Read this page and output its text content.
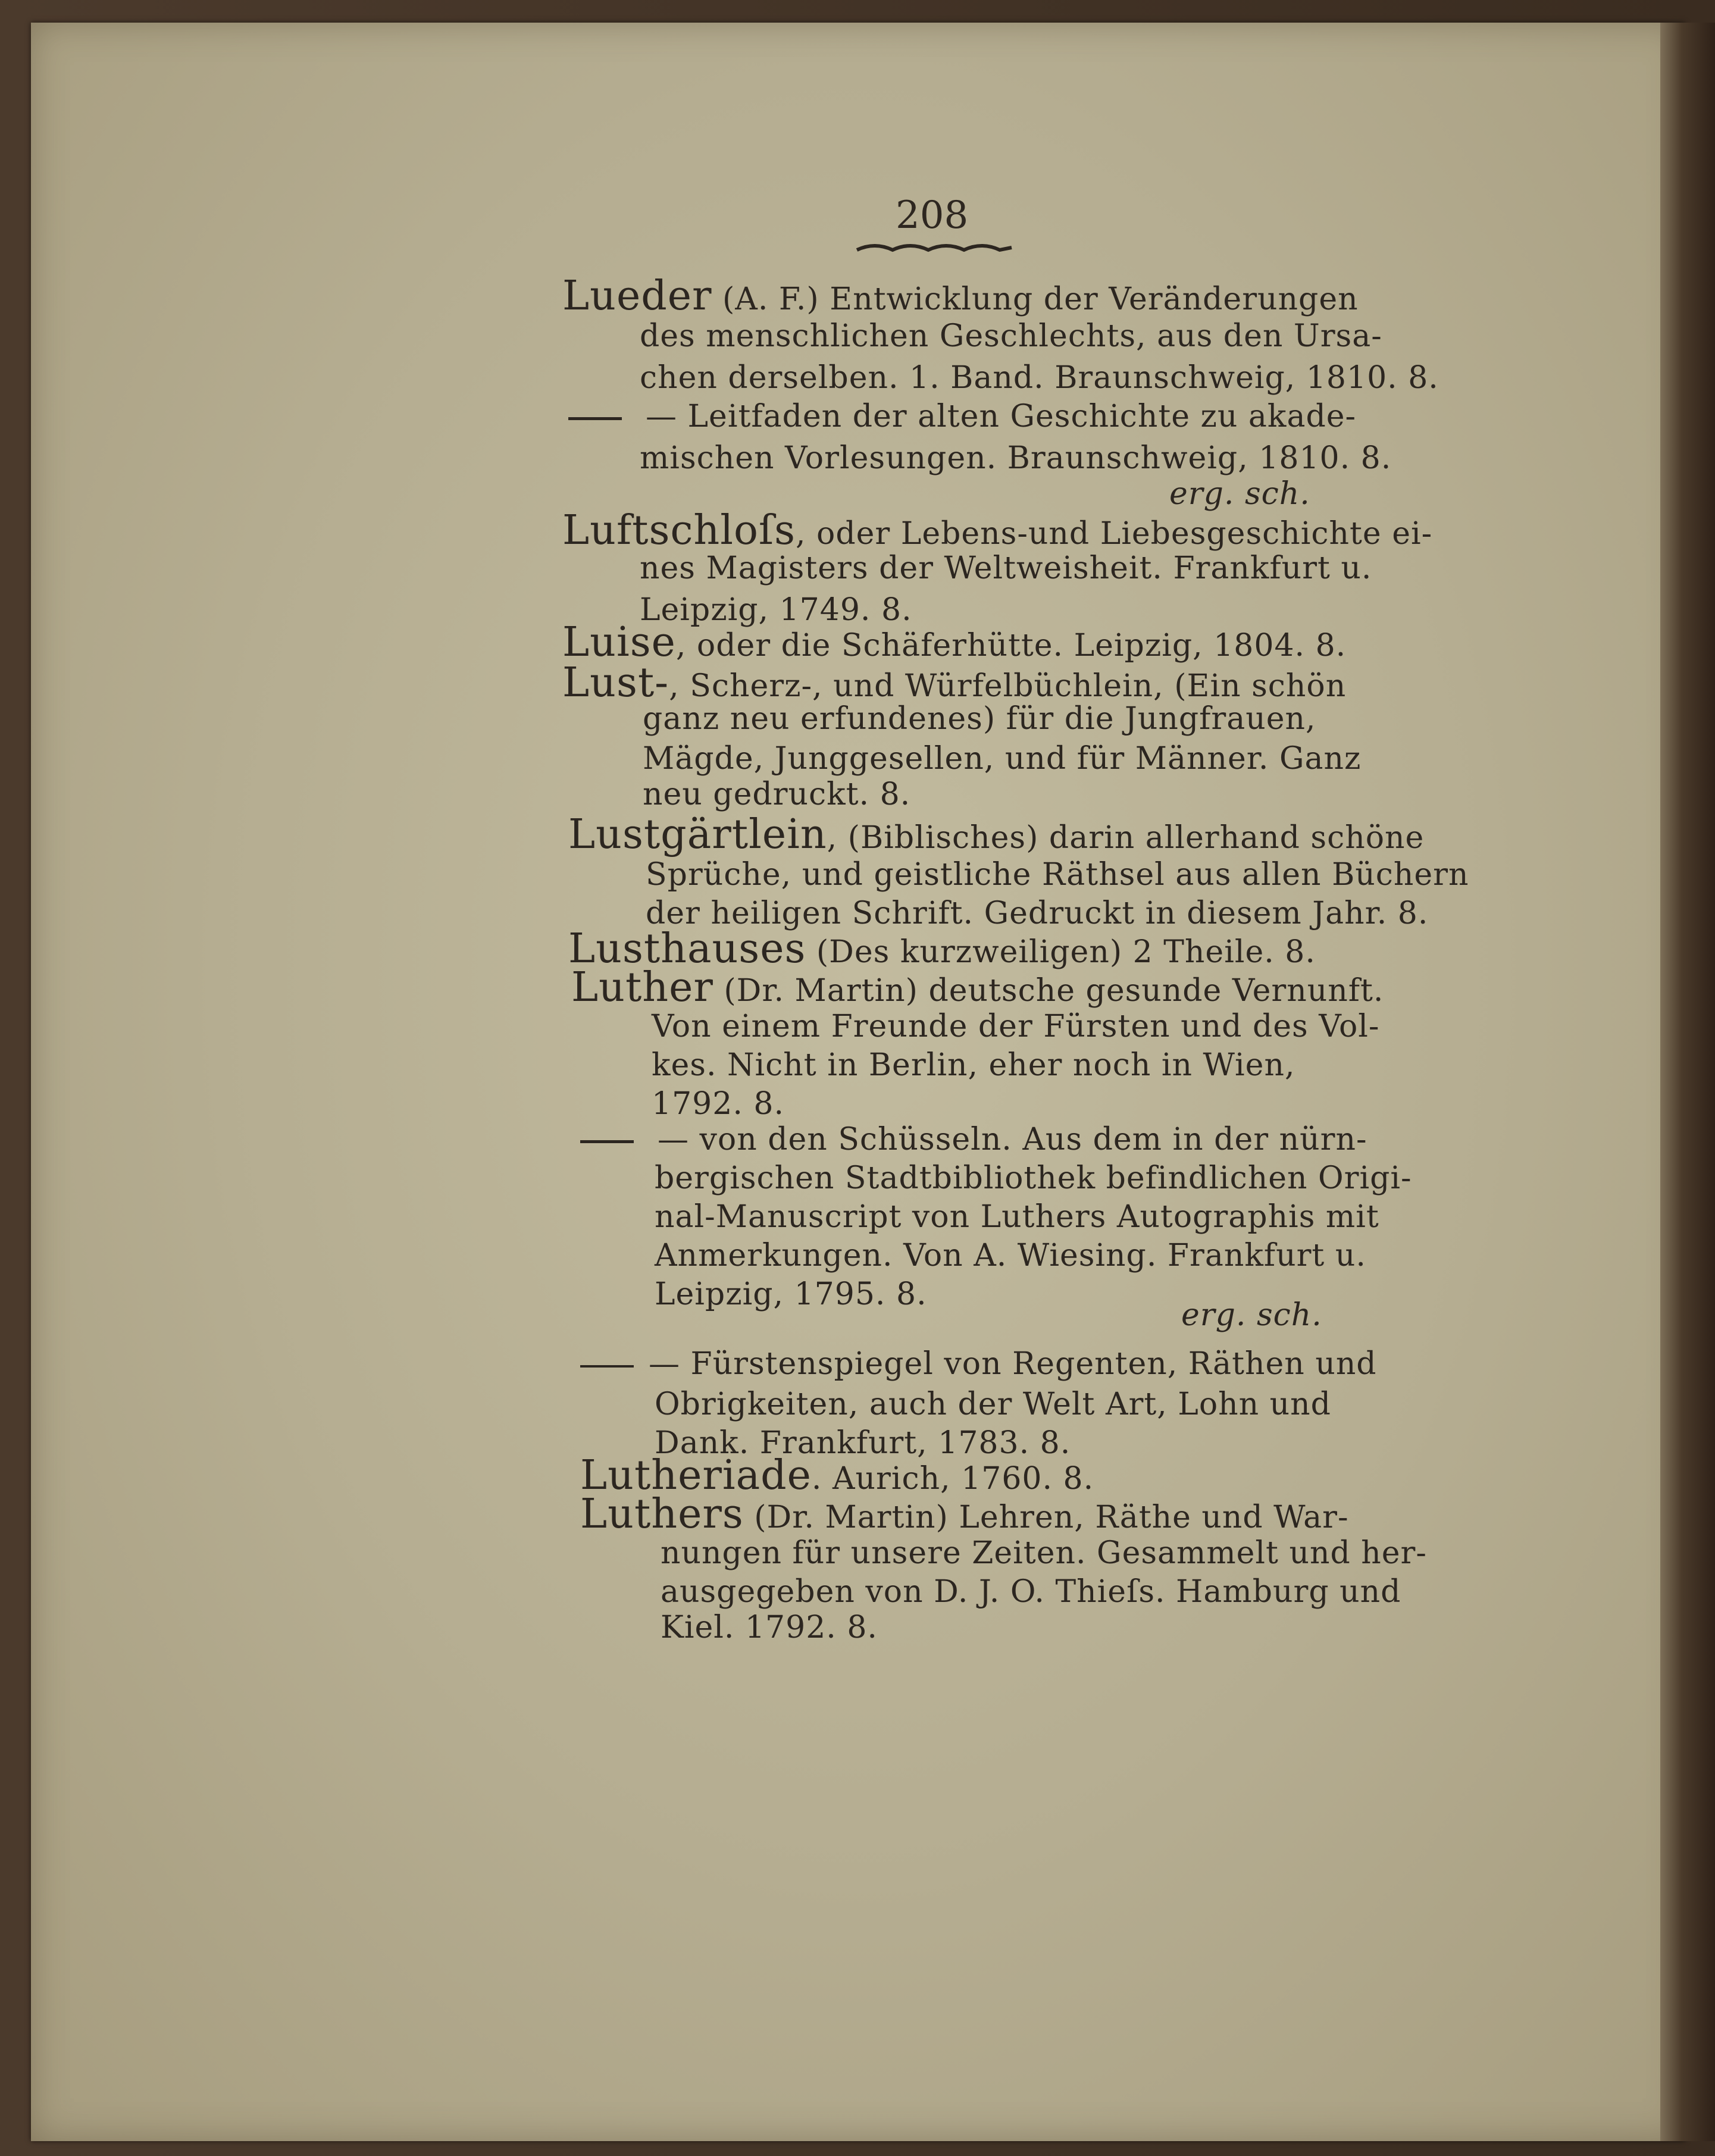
208
Lueder (A. F.) Entwicklung der Veränderungen
des menschlichen Geschlechts, aus den Ursa-
chen derselben. 1. Band. Braunschweig, 1810. 8.
— Leitfaden der alten Geschichte zu akade-
mischen Vorlesungen. Braunschweig, 1810. 8.
erg. sch.
Luftschloſs, oder Lebens-und Liebesgeschichte ei-
nes Magisters der Weltweisheit. Frankfurt u.
Leipzig, 1749. 8.
Luise, oder die Schäferhütte. Leipzig, 1804. 8.
Lust-, Scherz-, und Würfelbüchlein, (Ein schön
ganz neu erfundenes) für die Jungfrauen,
Mägde, Junggesellen, und für Männer. Ganz
neu gedruckt. 8.
Lustgärtlein, (Biblisches) darin allerhand schöne
Sprüche, und geistliche Räthsel aus allen Büchern
der heiligen Schrift. Gedruckt in diesem Jahr. 8.
Lusthauses (Des kurzweiligen) 2 Theile. 8.
Luther (Dr. Martin) deutsche gesunde Vernunft.
Von einem Freunde der Fürsten und des Vol-
kes. Nicht in Berlin, eher noch in Wien,
1792. 8.
— von den Schüsseln. Aus dem in der nürn-
bergischen Stadtbibliothek befindlichen Origi-
nal-Manuscript von Luthers Autographis mit
Anmerkungen. Von A. Wiesing. Frankfurt u.
Leipzig, 1795. 8.
erg. sch.
— Fürstenspiegel von Regenten, Räthen und
Obrigkeiten, auch der Welt Art, Lohn und
Dank. Frankfurt, 1783. 8.
Lutheriade. Aurich, 1760. 8.
Luthers (Dr. Martin) Lehren, Räthe und War-
nungen für unsere Zeiten. Gesammelt und her-
ausgegeben von D. J. O. Thieſs. Hamburg und
Kiel. 1792. 8.
